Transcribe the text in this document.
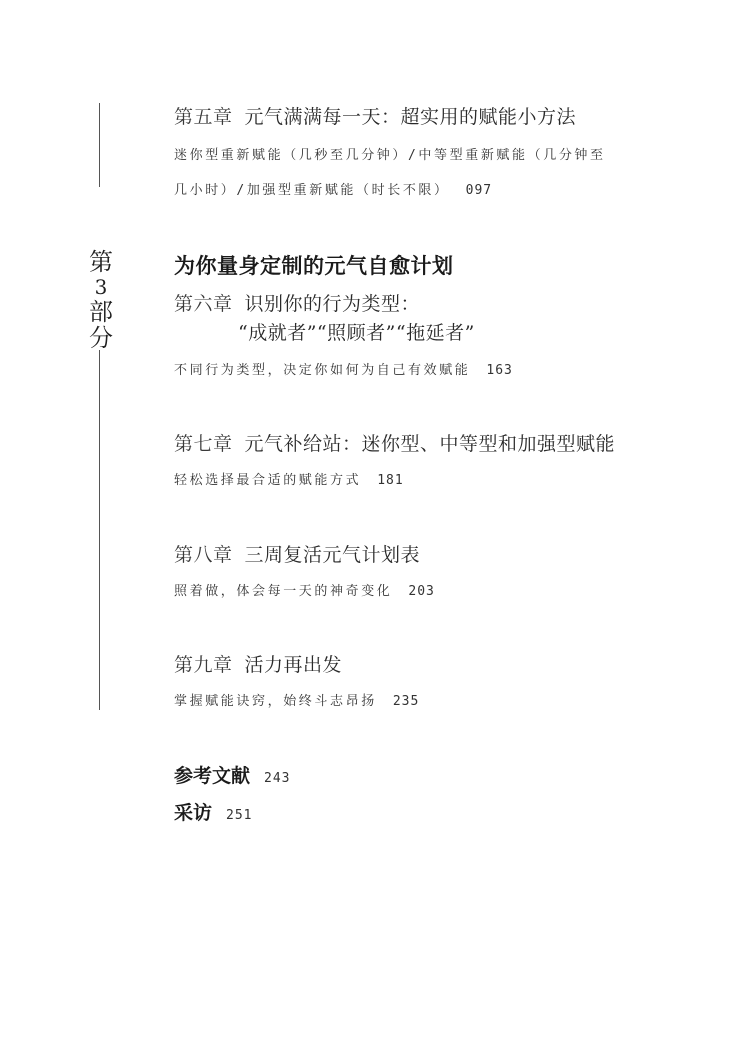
第
3
部
分
第五章 元气满满每一天：超实用的赋能小方法
迷你型重新赋能（几秒至几分钟）/中等型重新赋能（几分钟至
几小时）/加强型重新赋能（时长不限） 097
为你量身定制的元气自愈计划
第六章 识别你的行为类型：
“成就者”“照顾者”“拖延者”
不同行为类型，决定你如何为自己有效赋能 163
第七章 元气补给站：迷你型、中等型和加强型赋能
轻松选择最合适的赋能方式 181
第八章 三周复活元气计划表
照着做，体会每一天的神奇变化 203
第九章 活力再出发
掌握赋能诀窍，始终斗志昂扬 235
参考文献 243
采访 251
